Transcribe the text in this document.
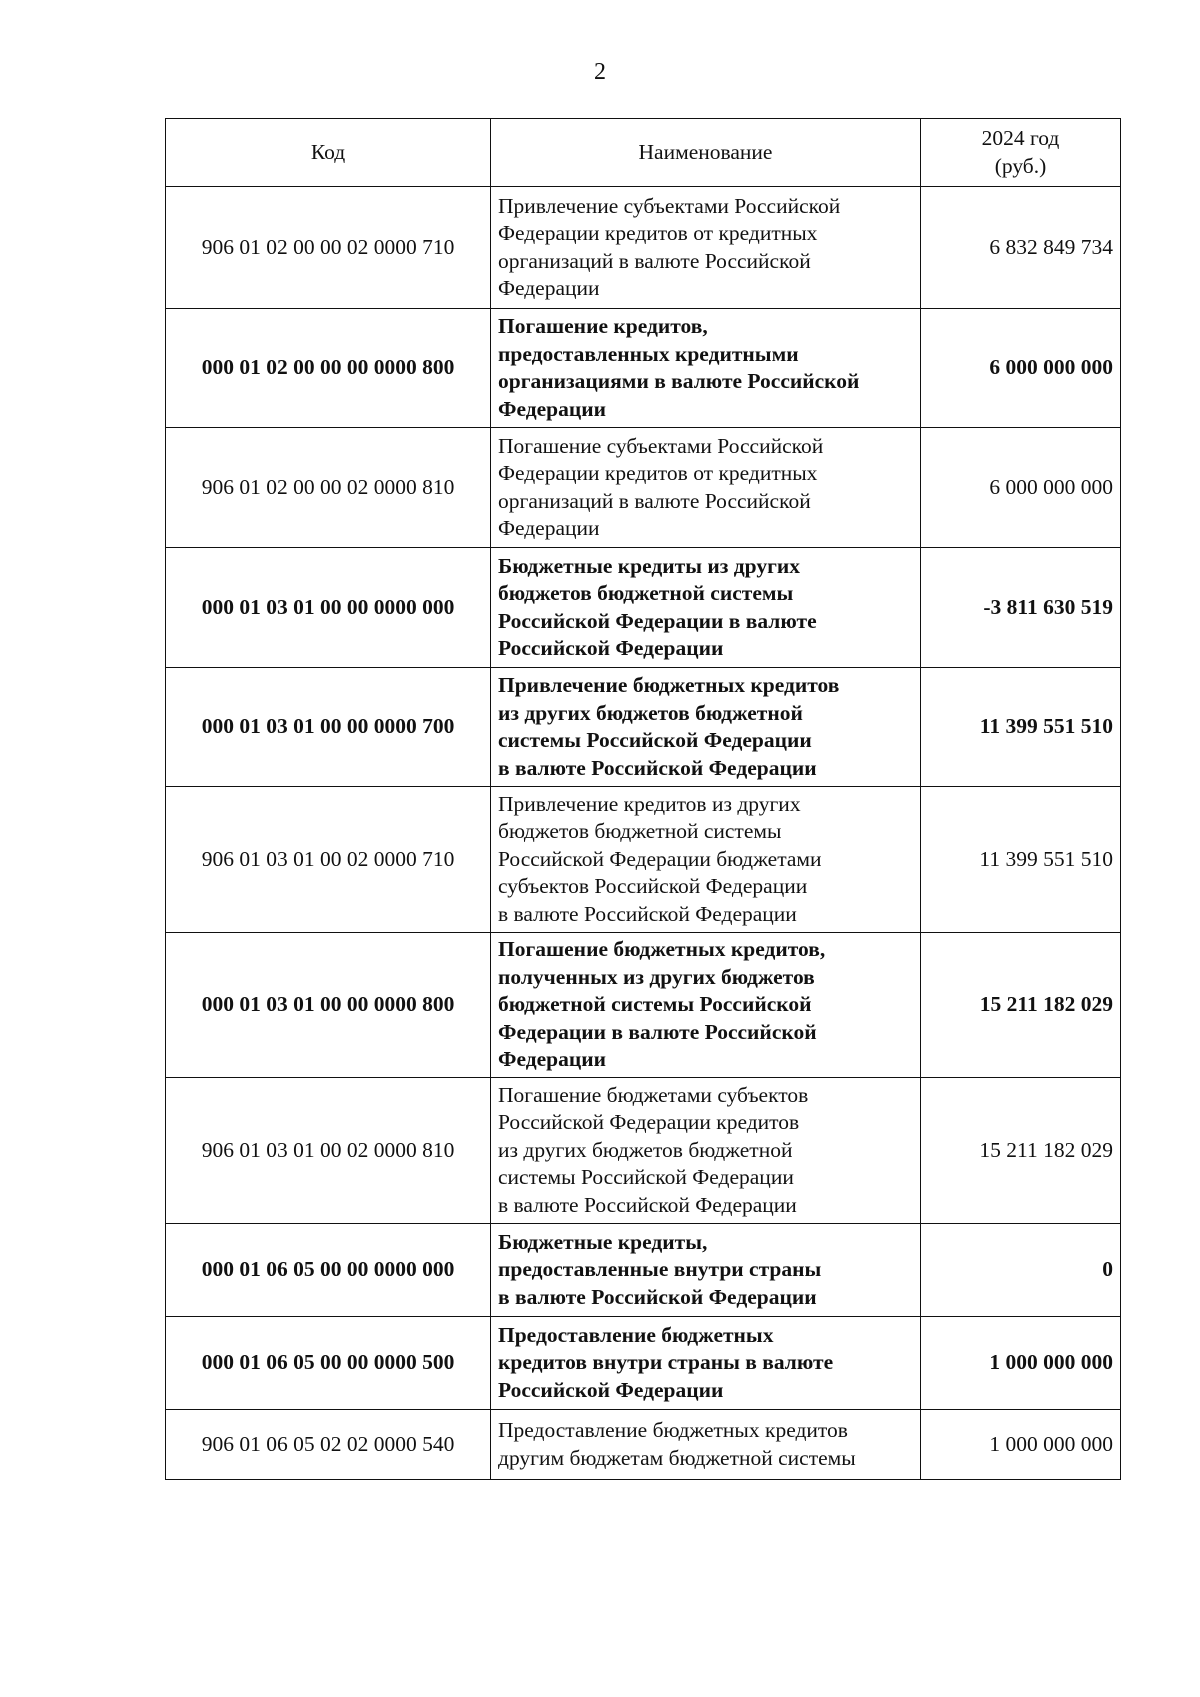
2
Код	Наименование	2024 год
(руб.)

906 01 02 00 00 02 0000 710	Привлечение субъектами Российской
Федерации кредитов от кредитных
организаций в валюте Российской
Федерации	6 832 849 734
000 01 02 00 00 00 0000 800	Погашение кредитов,
предоставленных кредитными
организациями в валюте Российской
Федерации	6 000 000 000
906 01 02 00 00 02 0000 810	Погашение субъектами Российской
Федерации кредитов от кредитных
организаций в валюте Российской
Федерации	6 000 000 000
000 01 03 01 00 00 0000 000	Бюджетные кредиты из других
бюджетов бюджетной системы
Российской Федерации в валюте
Российской Федерации	-3 811 630 519
000 01 03 01 00 00 0000 700	Привлечение бюджетных кредитов
из других бюджетов бюджетной
системы Российской Федерации
в валюте Российской Федерации	11 399 551 510
906 01 03 01 00 02 0000 710	Привлечение кредитов из других
бюджетов бюджетной системы
Российской Федерации бюджетами
субъектов Российской Федерации
в валюте Российской Федерации	11 399 551 510
000 01 03 01 00 00 0000 800	Погашение бюджетных кредитов,
полученных из других бюджетов
бюджетной системы Российской
Федерации в валюте Российской
Федерации	15 211 182 029
906 01 03 01 00 02 0000 810	Погашение бюджетами субъектов
Российской Федерации кредитов
из других бюджетов бюджетной
системы Российской Федерации
в валюте Российской Федерации	15 211 182 029
000 01 06 05 00 00 0000 000	Бюджетные кредиты,
предоставленные внутри страны
в валюте Российской Федерации	0
000 01 06 05 00 00 0000 500	Предоставление бюджетных
кредитов внутри страны в валюте
Российской Федерации	1 000 000 000
906 01 06 05 02 02 0000 540	Предоставление бюджетных кредитов
другим бюджетам бюджетной системы	1 000 000 000
